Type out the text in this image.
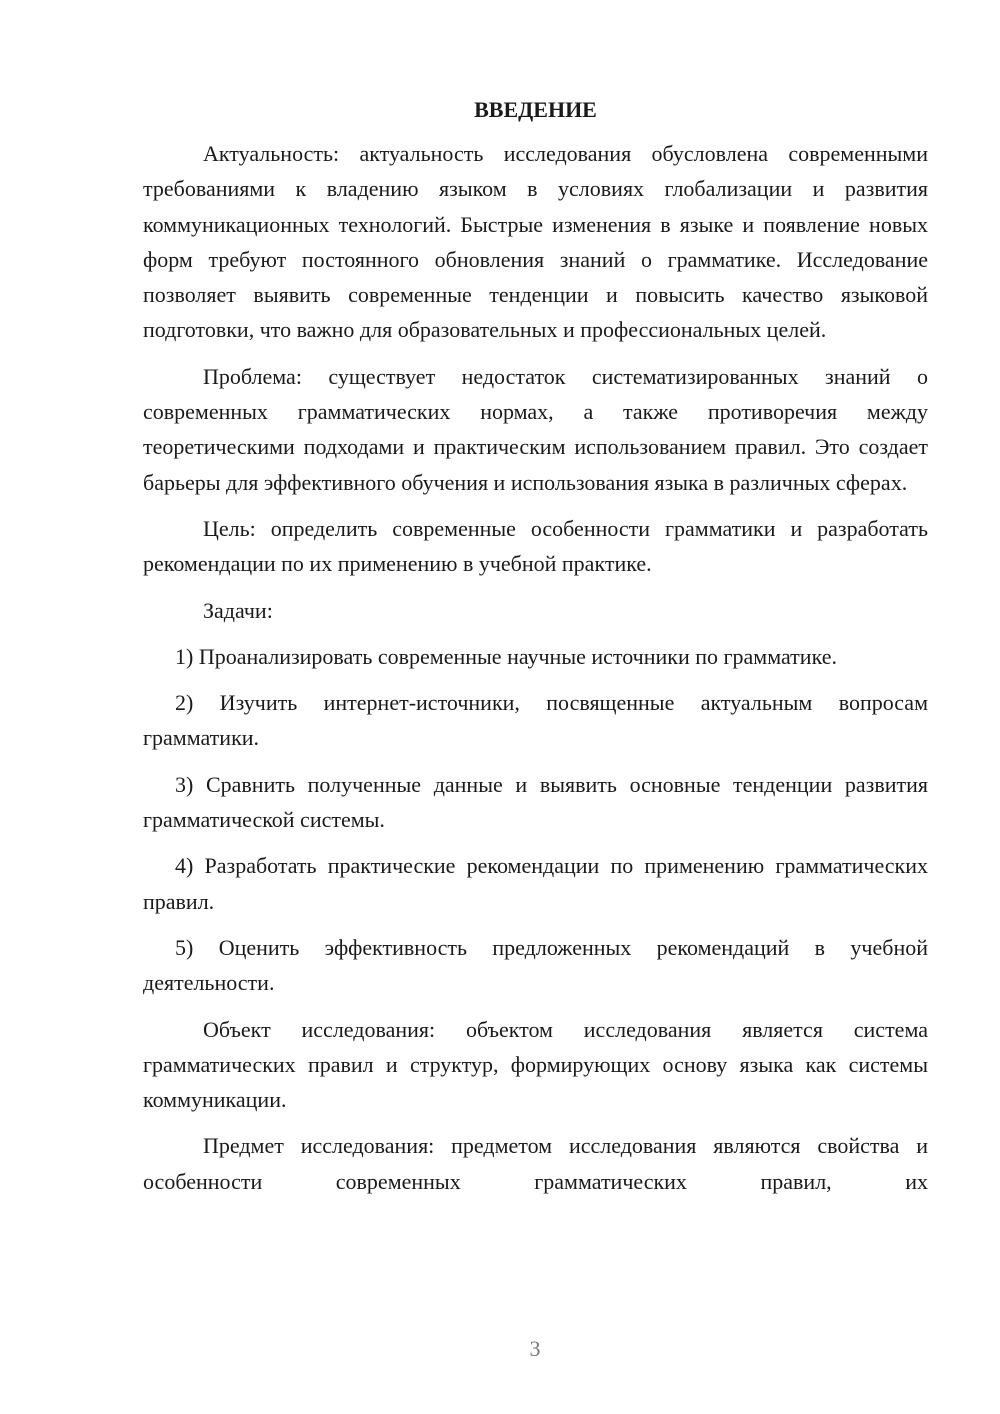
ВВЕДЕНИЕ

Актуальность: актуальность исследования обусловлена современными требованиями к владению языком в условиях глобализации и развития коммуникационных технологий. Быстрые изменения в языке и появление новых форм требуют постоянного обновления знаний о грамматике. Исследование позволяет выявить современные тенденции и повысить качество языковой подготовки, что важно для образовательных и профессиональных целей.

Проблема: существует недостаток систематизированных знаний о современных грамматических нормах, а также противоречия между теоретическими подходами и практическим использованием правил. Это создает барьеры для эффективного обучения и использования языка в различных сферах.

Цель: определить современные особенности грамматики и разработать рекомендации по их применению в учебной практике.

Задачи:

1) Проанализировать современные научные источники по грамматике.

2) Изучить интернет-источники, посвященные актуальным вопросам грамматики.

3) Сравнить полученные данные и выявить основные тенденции развития грамматической системы.

4) Разработать практические рекомендации по применению грамматических правил.

5) Оценить эффективность предложенных рекомендаций в учебной деятельности.

Объект исследования: объектом исследования является система грамматических правил и структур, формирующих основу языка как системы коммуникации.

Предмет исследования: предметом исследования являются свойства и особенности современных грамматических правил, их

3
